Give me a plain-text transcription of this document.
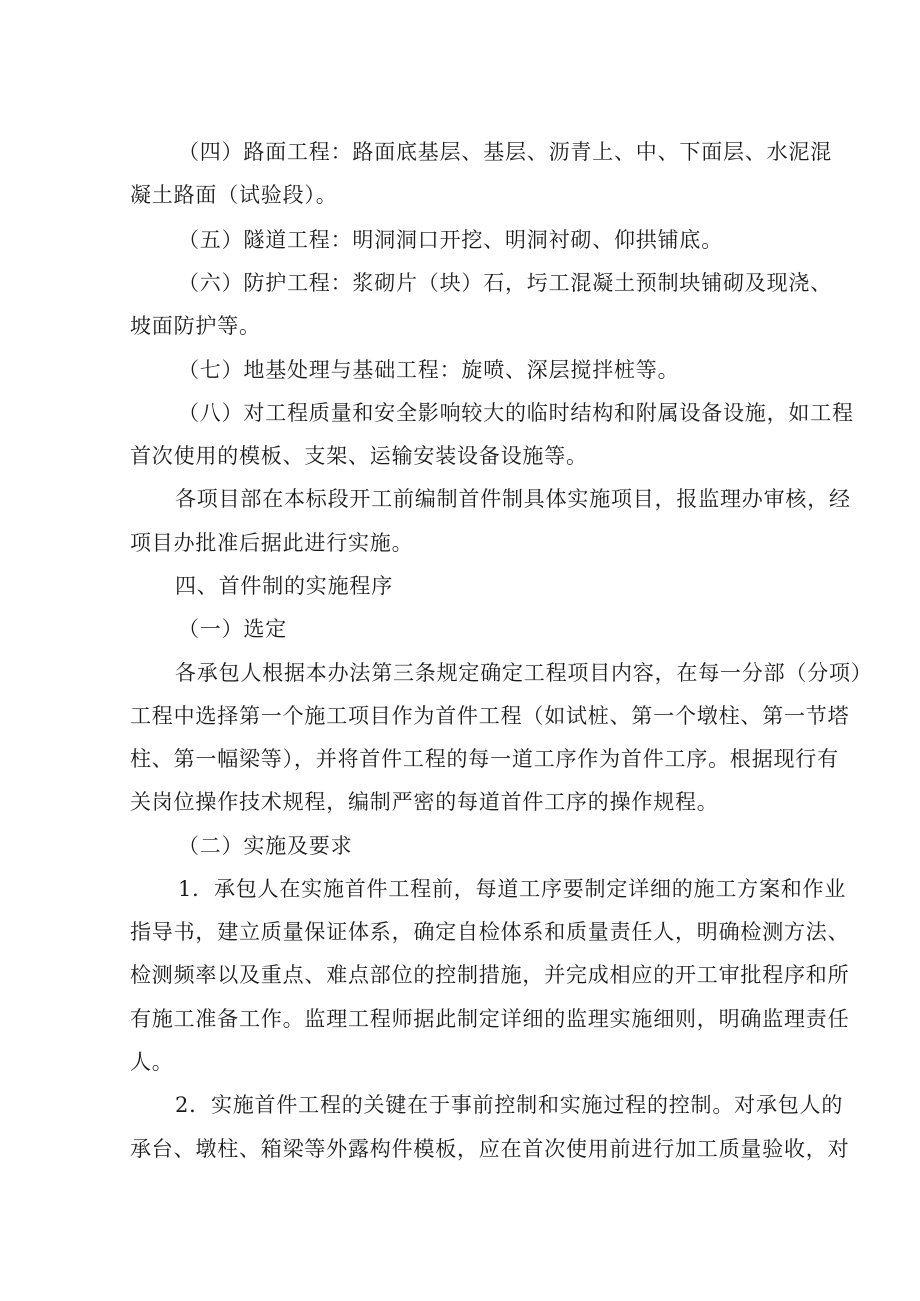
（四）路面工程：路面底基层、基层、沥青上、中、下面层、水泥混
凝土路面（试验段）。
（五）隧道工程：明洞洞口开挖、明洞衬砌、仰拱铺底。
（六）防护工程：浆砌片（块）石，圬工混凝土预制块铺砌及现浇、
坡面防护等。
（七）地基处理与基础工程：旋喷、深层搅拌桩等。
（八）对工程质量和安全影响较大的临时结构和附属设备设施，如工程
首次使用的模板、支架、运输安装设备设施等。
各项目部在本标段开工前编制首件制具体实施项目，报监理办审核，经
项目办批准后据此进行实施。
四、首件制的实施程序
（一）选定
各承包人根据本办法第三条规定确定工程项目内容，在每一分部（分项）
工程中选择第一个施工项目作为首件工程（如试桩、第一个墩柱、第一节塔
柱、第一幅梁等），并将首件工程的每一道工序作为首件工序。根据现行有
关岗位操作技术规程，编制严密的每道首件工序的操作规程。
（二）实施及要求
1．承包人在实施首件工程前，每道工序要制定详细的施工方案和作业
指导书，建立质量保证体系，确定自检体系和质量责任人，明确检测方法、
检测频率以及重点、难点部位的控制措施，并完成相应的开工审批程序和所
有施工准备工作。监理工程师据此制定详细的监理实施细则，明确监理责任
人。
2．实施首件工程的关键在于事前控制和实施过程的控制。对承包人的
承台、墩柱、箱梁等外露构件模板，应在首次使用前进行加工质量验收，对
